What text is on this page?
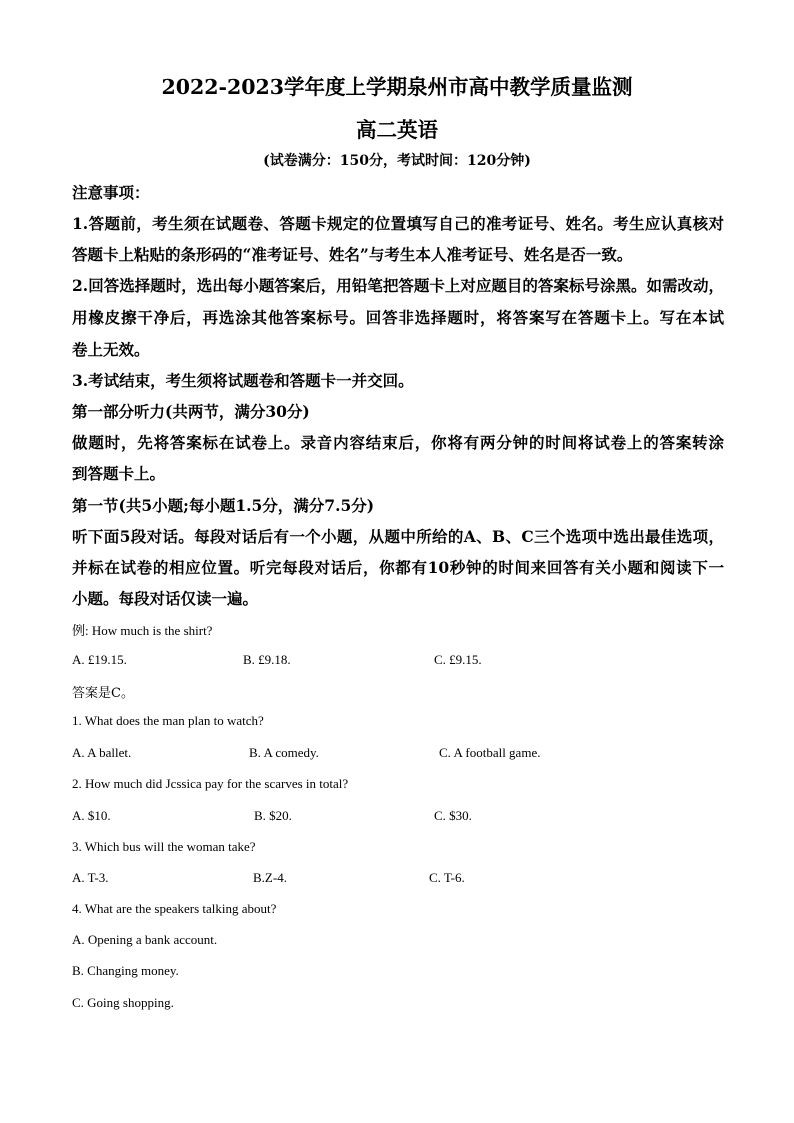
2022-2023学年度上学期泉州市高中教学质量监测
高二英语
(试卷满分：150分，考试时间：120分钟)
注意事项：
1.答题前，考生须在试题卷、答题卡规定的位置填写自己的准考证号、姓名。考生应认真核对
答题卡上粘贴的条形码的“准考证号、姓名”与考生本人准考证号、姓名是否一致。
2.回答选择题时，选出每小题答案后，用铅笔把答题卡上对应题目的答案标号涂黑。如需改动，
用橡皮擦干净后，再选涂其他答案标号。回答非选择题时，将答案写在答题卡上。写在本试
卷上无效。
3.考试结束，考生须将试题卷和答题卡一并交回。
第一部分听力(共两节，满分30分)
做题时，先将答案标在试卷上。录音内容结束后，你将有两分钟的时间将试卷上的答案转涂
到答题卡上。
第一节(共5小题;每小题1.5分，满分7.5分)
听下面5段对话。每段对话后有一个小题，从题中所给的A、B、C三个选项中选出最佳选项，
并标在试卷的相应位置。听完每段对话后，你都有10秒钟的时间来回答有关小题和阅读下一
小题。每段对话仅读一遍。
例: How much is the shirt?
A. £19.15.	B. £9.18.	C. £9.15.
答案是C。
1. What does the man plan to watch?
A. A ballet.	B. A comedy.	C. A football game.
2. How much did Jcssica pay for the scarves in total?
A. $10.	B. $20.	C. $30.
3. Which bus will the woman take?
A. T-3.	B.Z-4.	C. T-6.
4. What are the speakers talking about?
A. Opening a bank account.
B. Changing money.
C. Going shopping.
